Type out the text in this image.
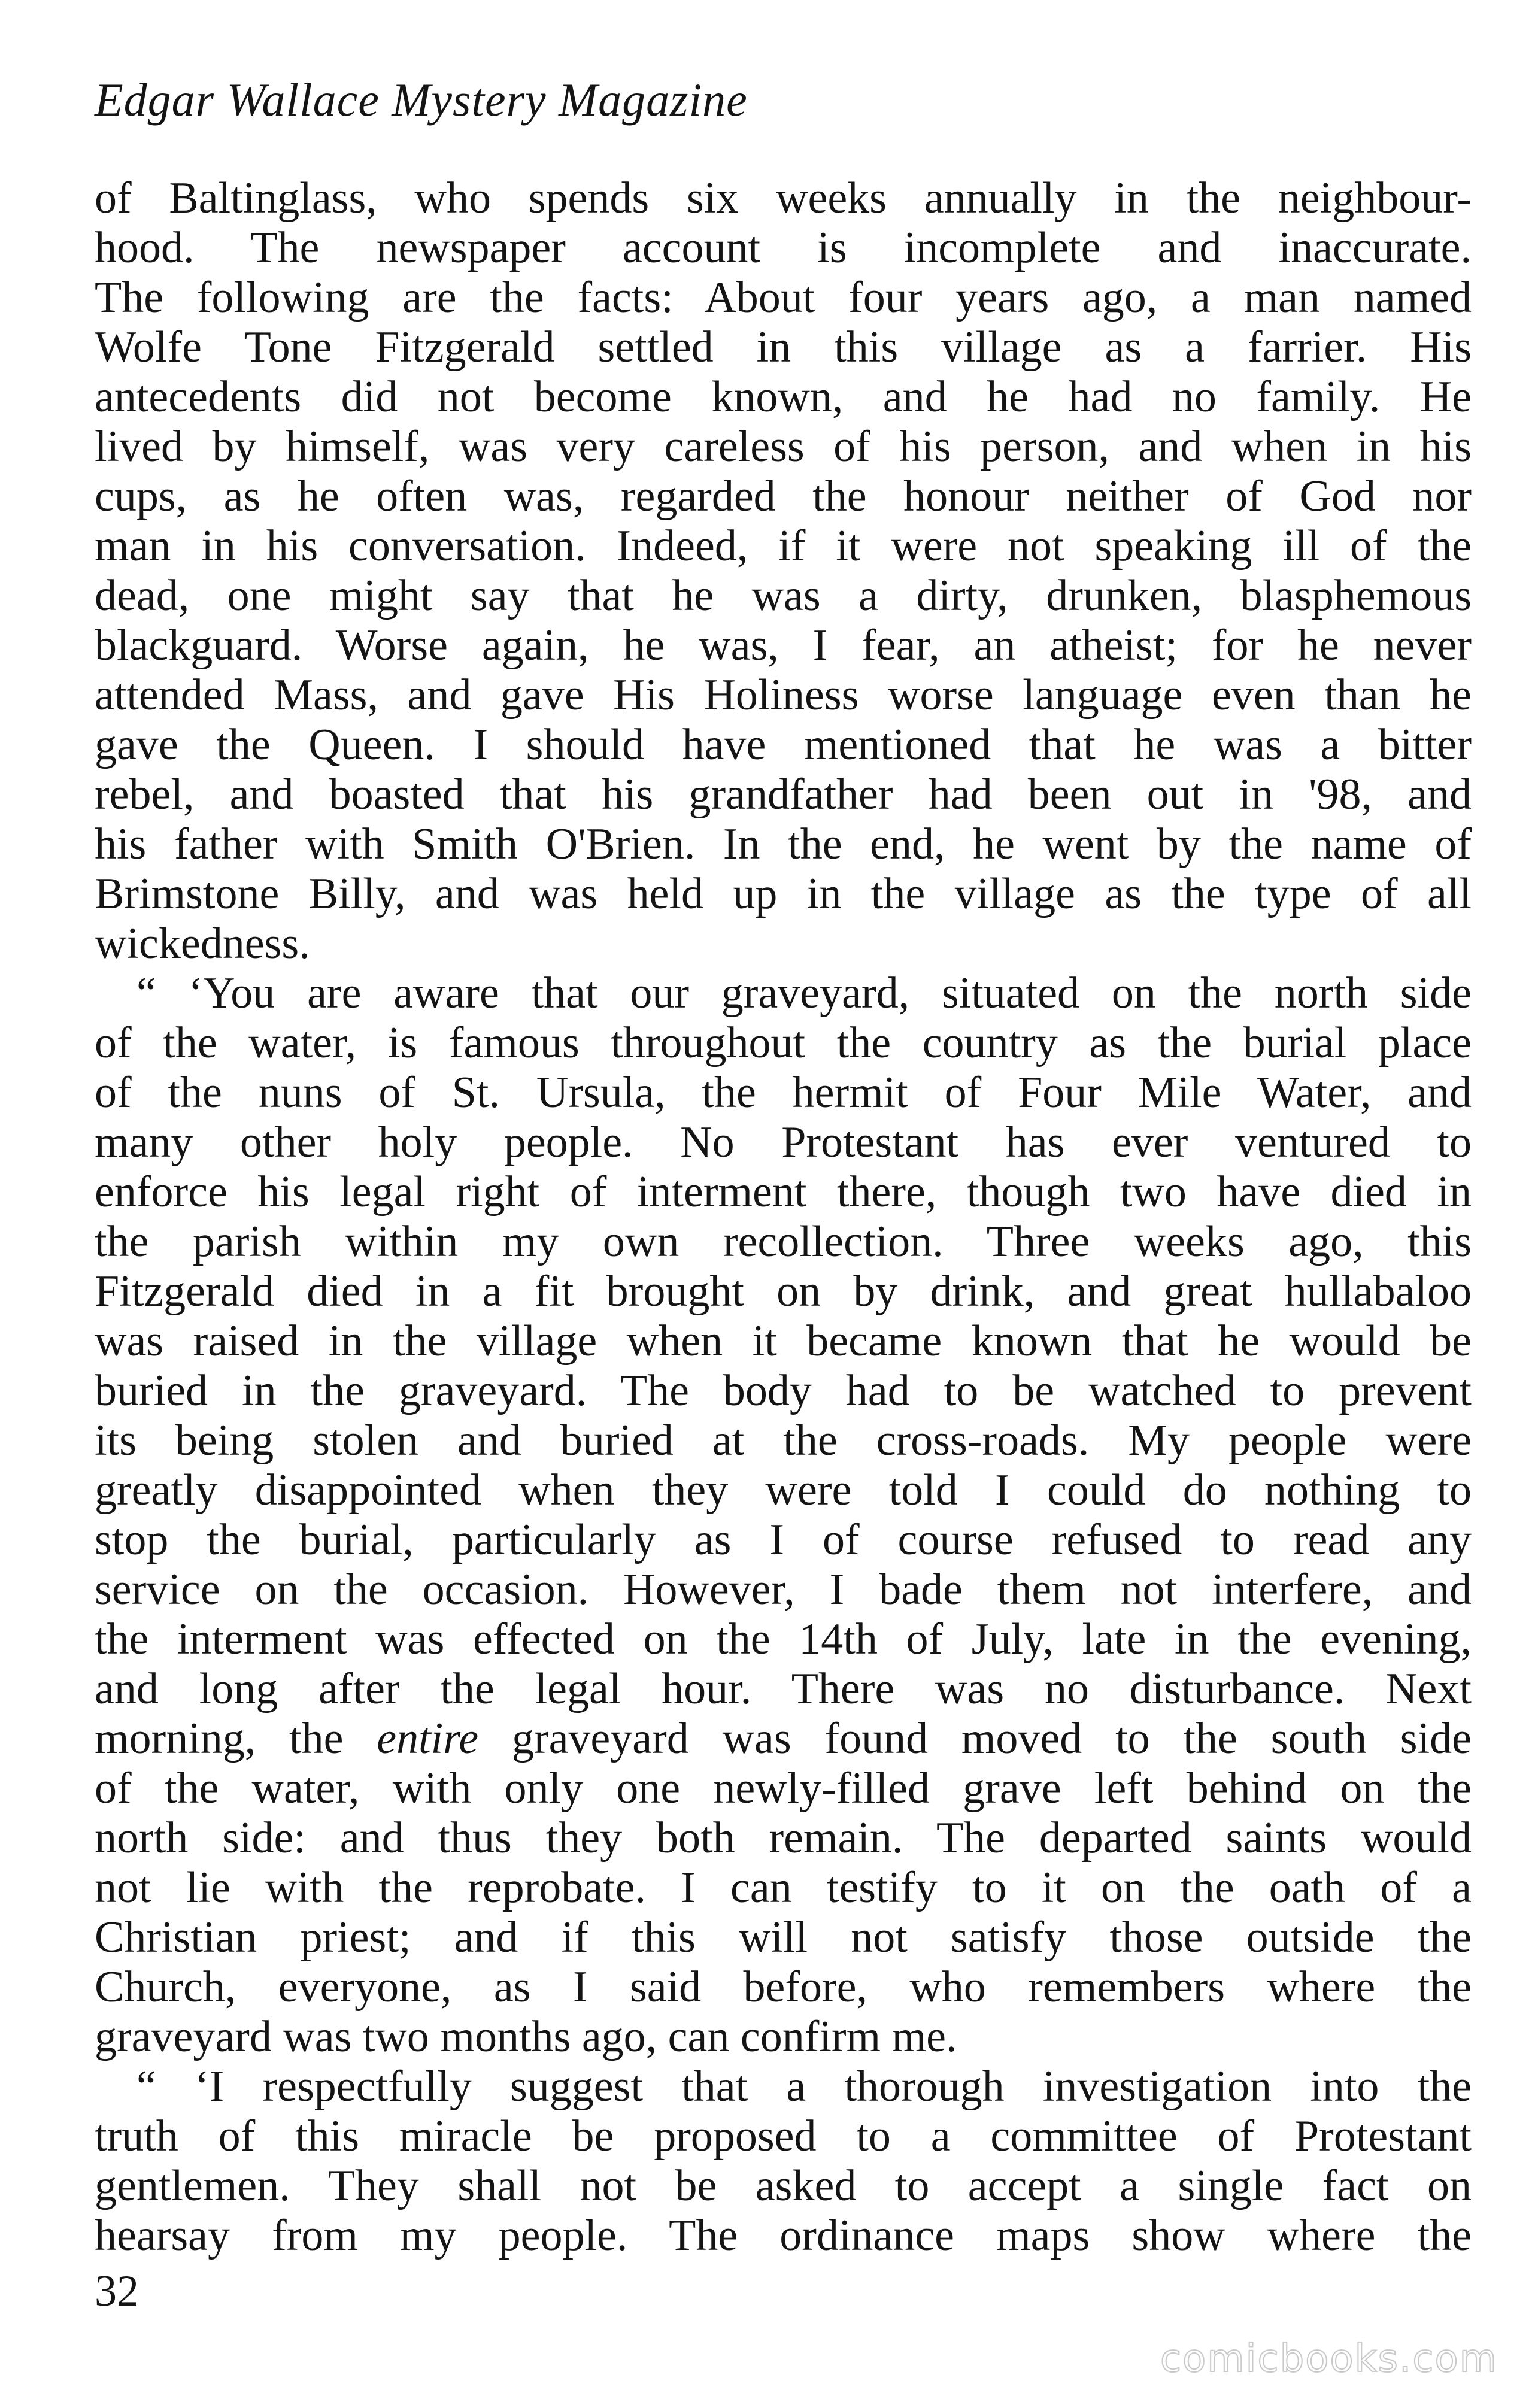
Edgar Wallace Mystery Magazine
of Baltinglass, who spends six weeks annually in the neighbour-
hood. The newspaper account is incomplete and inaccurate.
The following are the facts: About four years ago, a man named
Wolfe Tone Fitzgerald settled in this village as a farrier. His
antecedents did not become known, and he had no family. He
lived by himself, was very careless of his person, and when in his
cups, as he often was, regarded the honour neither of God nor
man in his conversation. Indeed, if it were not speaking ill of the
dead, one might say that he was a dirty, drunken, blasphemous
blackguard. Worse again, he was, I fear, an atheist; for he never
attended Mass, and gave His Holiness worse language even than he
gave the Queen. I should have mentioned that he was a bitter
rebel, and boasted that his grandfather had been out in '98, and
his father with Smith O'Brien. In the end, he went by the name of
Brimstone Billy, and was held up in the village as the type of all
wickedness.
“ ‘You are aware that our graveyard, situated on the north side
of the water, is famous throughout the country as the burial place
of the nuns of St. Ursula, the hermit of Four Mile Water, and
many other holy people. No Protestant has ever ventured to
enforce his legal right of interment there, though two have died in
the parish within my own recollection. Three weeks ago, this
Fitzgerald died in a fit brought on by drink, and great hullabaloo
was raised in the village when it became known that he would be
buried in the graveyard. The body had to be watched to prevent
its being stolen and buried at the cross-roads. My people were
greatly disappointed when they were told I could do nothing to
stop the burial, particularly as I of course refused to read any
service on the occasion. However, I bade them not interfere, and
the interment was effected on the 14th of July, late in the evening,
and long after the legal hour. There was no disturbance. Next
morning, the entire graveyard was found moved to the south side
of the water, with only one newly-filled grave left behind on the
north side: and thus they both remain. The departed saints would
not lie with the reprobate. I can testify to it on the oath of a
Christian priest; and if this will not satisfy those outside the
Church, everyone, as I said before, who remembers where the
graveyard was two months ago, can confirm me.
“ ‘I respectfully suggest that a thorough investigation into the
truth of this miracle be proposed to a committee of Protestant
gentlemen. They shall not be asked to accept a single fact on
hearsay from my people. The ordinance maps show where the
32
comicbooks.com
